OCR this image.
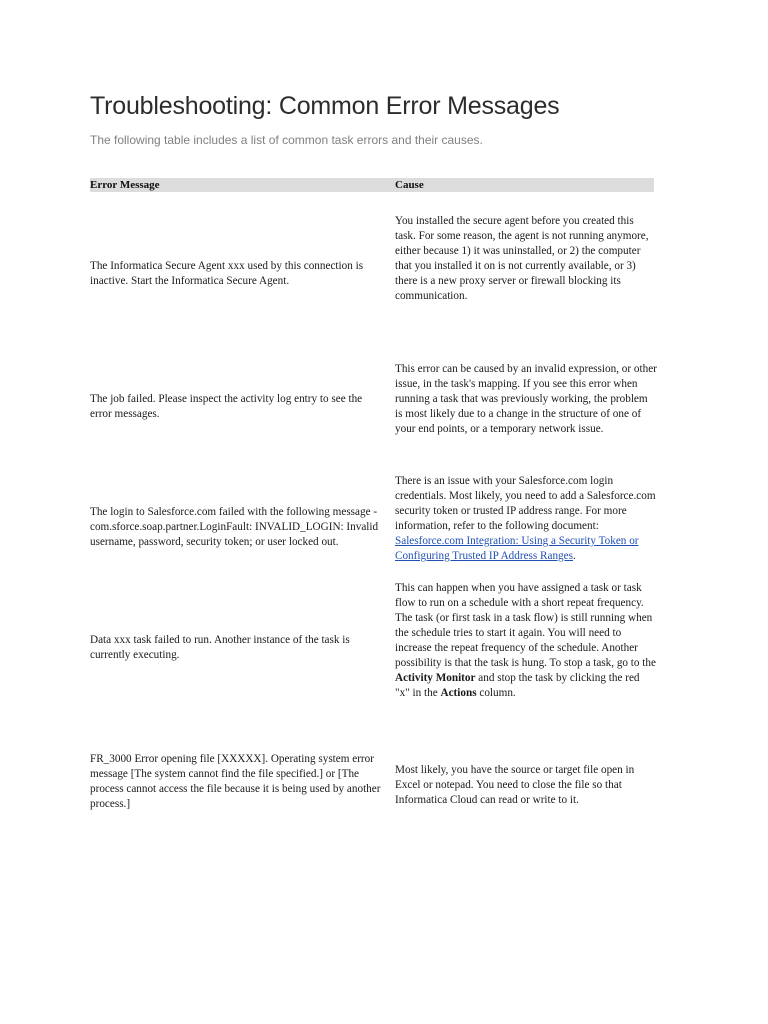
Troubleshooting: Common Error Messages

The following table includes a list of common task errors and their causes.

Error Message	Cause
The Informatica Secure Agent xxx used by this connection is inactive. Start the Informatica Secure Agent.
You installed the secure agent before you created this task. For some reason, the agent is not running anymore, either because 1) it was uninstalled, or 2) the computer that you installed it on is not currently available, or 3) there is a new proxy server or firewall blocking its communication.
The job failed. Please inspect the activity log entry to see the error messages.
This error can be caused by an invalid expression, or other issue, in the task's mapping. If you see this error when running a task that was previously working, the problem is most likely due to a change in the structure of one of your end points, or a temporary network issue.
The login to Salesforce.com failed with the following message - com.sforce.soap.partner.LoginFault: INVALID_LOGIN: Invalid username, password, security token; or user locked out.
There is an issue with your Salesforce.com login credentials. Most likely, you need to add a Salesforce.com security token or trusted IP address range. For more information, refer to the following document: Salesforce.com Integration: Using a Security Token or Configuring Trusted IP Address Ranges.
Data xxx task failed to run. Another instance of the task is currently executing.
This can happen when you have assigned a task or task flow to run on a schedule with a short repeat frequency. The task (or first task in a task flow) is still running when the schedule tries to start it again. You will need to increase the repeat frequency of the schedule. Another possibility is that the task is hung. To stop a task, go to the Activity Monitor and stop the task by clicking the red "x" in the Actions column.
FR_3000 Error opening file [XXXXX]. Operating system error message [The system cannot find the file specified.] or [The process cannot access the file because it is being used by another process.]
Most likely, you have the source or target file open in Excel or notepad. You need to close the file so that Informatica Cloud can read or write to it.
